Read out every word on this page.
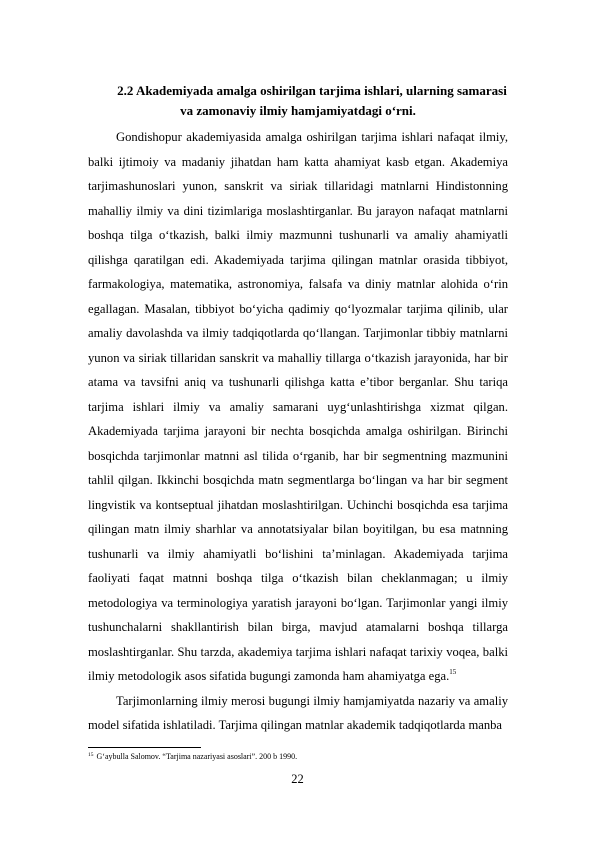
2.2 Akademiyada amalga oshirilgan tarjima ishlari, ularning samarasi va zamonaviy ilmiy hamjamiyatdagi o‘rni.

Gondishopur akademiyasida amalga oshirilgan tarjima ishlari nafaqat ilmiy, balki ijtimoiy va madaniy jihatdan ham katta ahamiyat kasb etgan. Akademiya tarjimashunoslari yunon, sanskrit va siriak tillaridagi matnlarni Hindistonning mahalliy ilmiy va dini tizimlariga moslashtirganlar. Bu jarayon nafaqat matnlarni boshqa tilga o‘tkazish, balki ilmiy mazmunni tushunarli va amaliy ahamiyatli qilishga qaratilgan edi. Akademiyada tarjima qilingan matnlar orasida tibbiyot, farmakologiya, matematika, astronomiya, falsafa va diniy matnlar alohida o‘rin egallagan. Masalan, tibbiyot bo‘yicha qadimiy qo‘lyozmalar tarjima qilinib, ular amaliy davolashda va ilmiy tadqiqotlarda qo‘llangan. Tarjimonlar tibbiy matnlarni yunon va siriak tillaridan sanskrit va mahalliy tillarga o‘tkazish jarayonida, har bir atama va tavsifni aniq va tushunarli qilishga katta e’tibor berganlar. Shu tariqa tarjima ishlari ilmiy va amaliy samarani uyg‘unlashtirishga xizmat qilgan. Akademiyada tarjima jarayoni bir nechta bosqichda amalga oshirilgan. Birinchi bosqichda tarjimonlar matnni asl tilida o‘rganib, har bir segmentning mazmunini tahlil qilgan. Ikkinchi bosqichda matn segmentlarga bo‘lingan va har bir segment lingvistik va kontseptual jihatdan moslashtirilgan. Uchinchi bosqichda esa tarjima qilingan matn ilmiy sharhlar va annotatsiyalar bilan boyitilgan, bu esa matnning tushunarli va ilmiy ahamiyatli bo‘lishini ta’minlagan. Akademiyada tarjima faoliyati faqat matnni boshqa tilga o‘tkazish bilan cheklanmagan; u ilmiy metodologiya va terminologiya yaratish jarayoni bo‘lgan. Tarjimonlar yangi ilmiy tushunchalarni shakllantirish bilan birga, mavjud atamalarni boshqa tillarga moslashtirganlar. Shu tarzda, akademiya tarjima ishlari nafaqat tarixiy voqea, balki ilmiy metodologik asos sifatida bugungi zamonda ham ahamiyatga ega.$^{15}$

Tarjimonlarning ilmiy merosi bugungi ilmiy hamjamiyatda nazariy va amaliy model sifatida ishlatiladi. Tarjima qilingan matnlar akademik tadqiqotlarda manba

$^{15}$ G‘aybulla Salomov. “Tarjima nazariyasi asoslari”. 200 b 1990.

22
